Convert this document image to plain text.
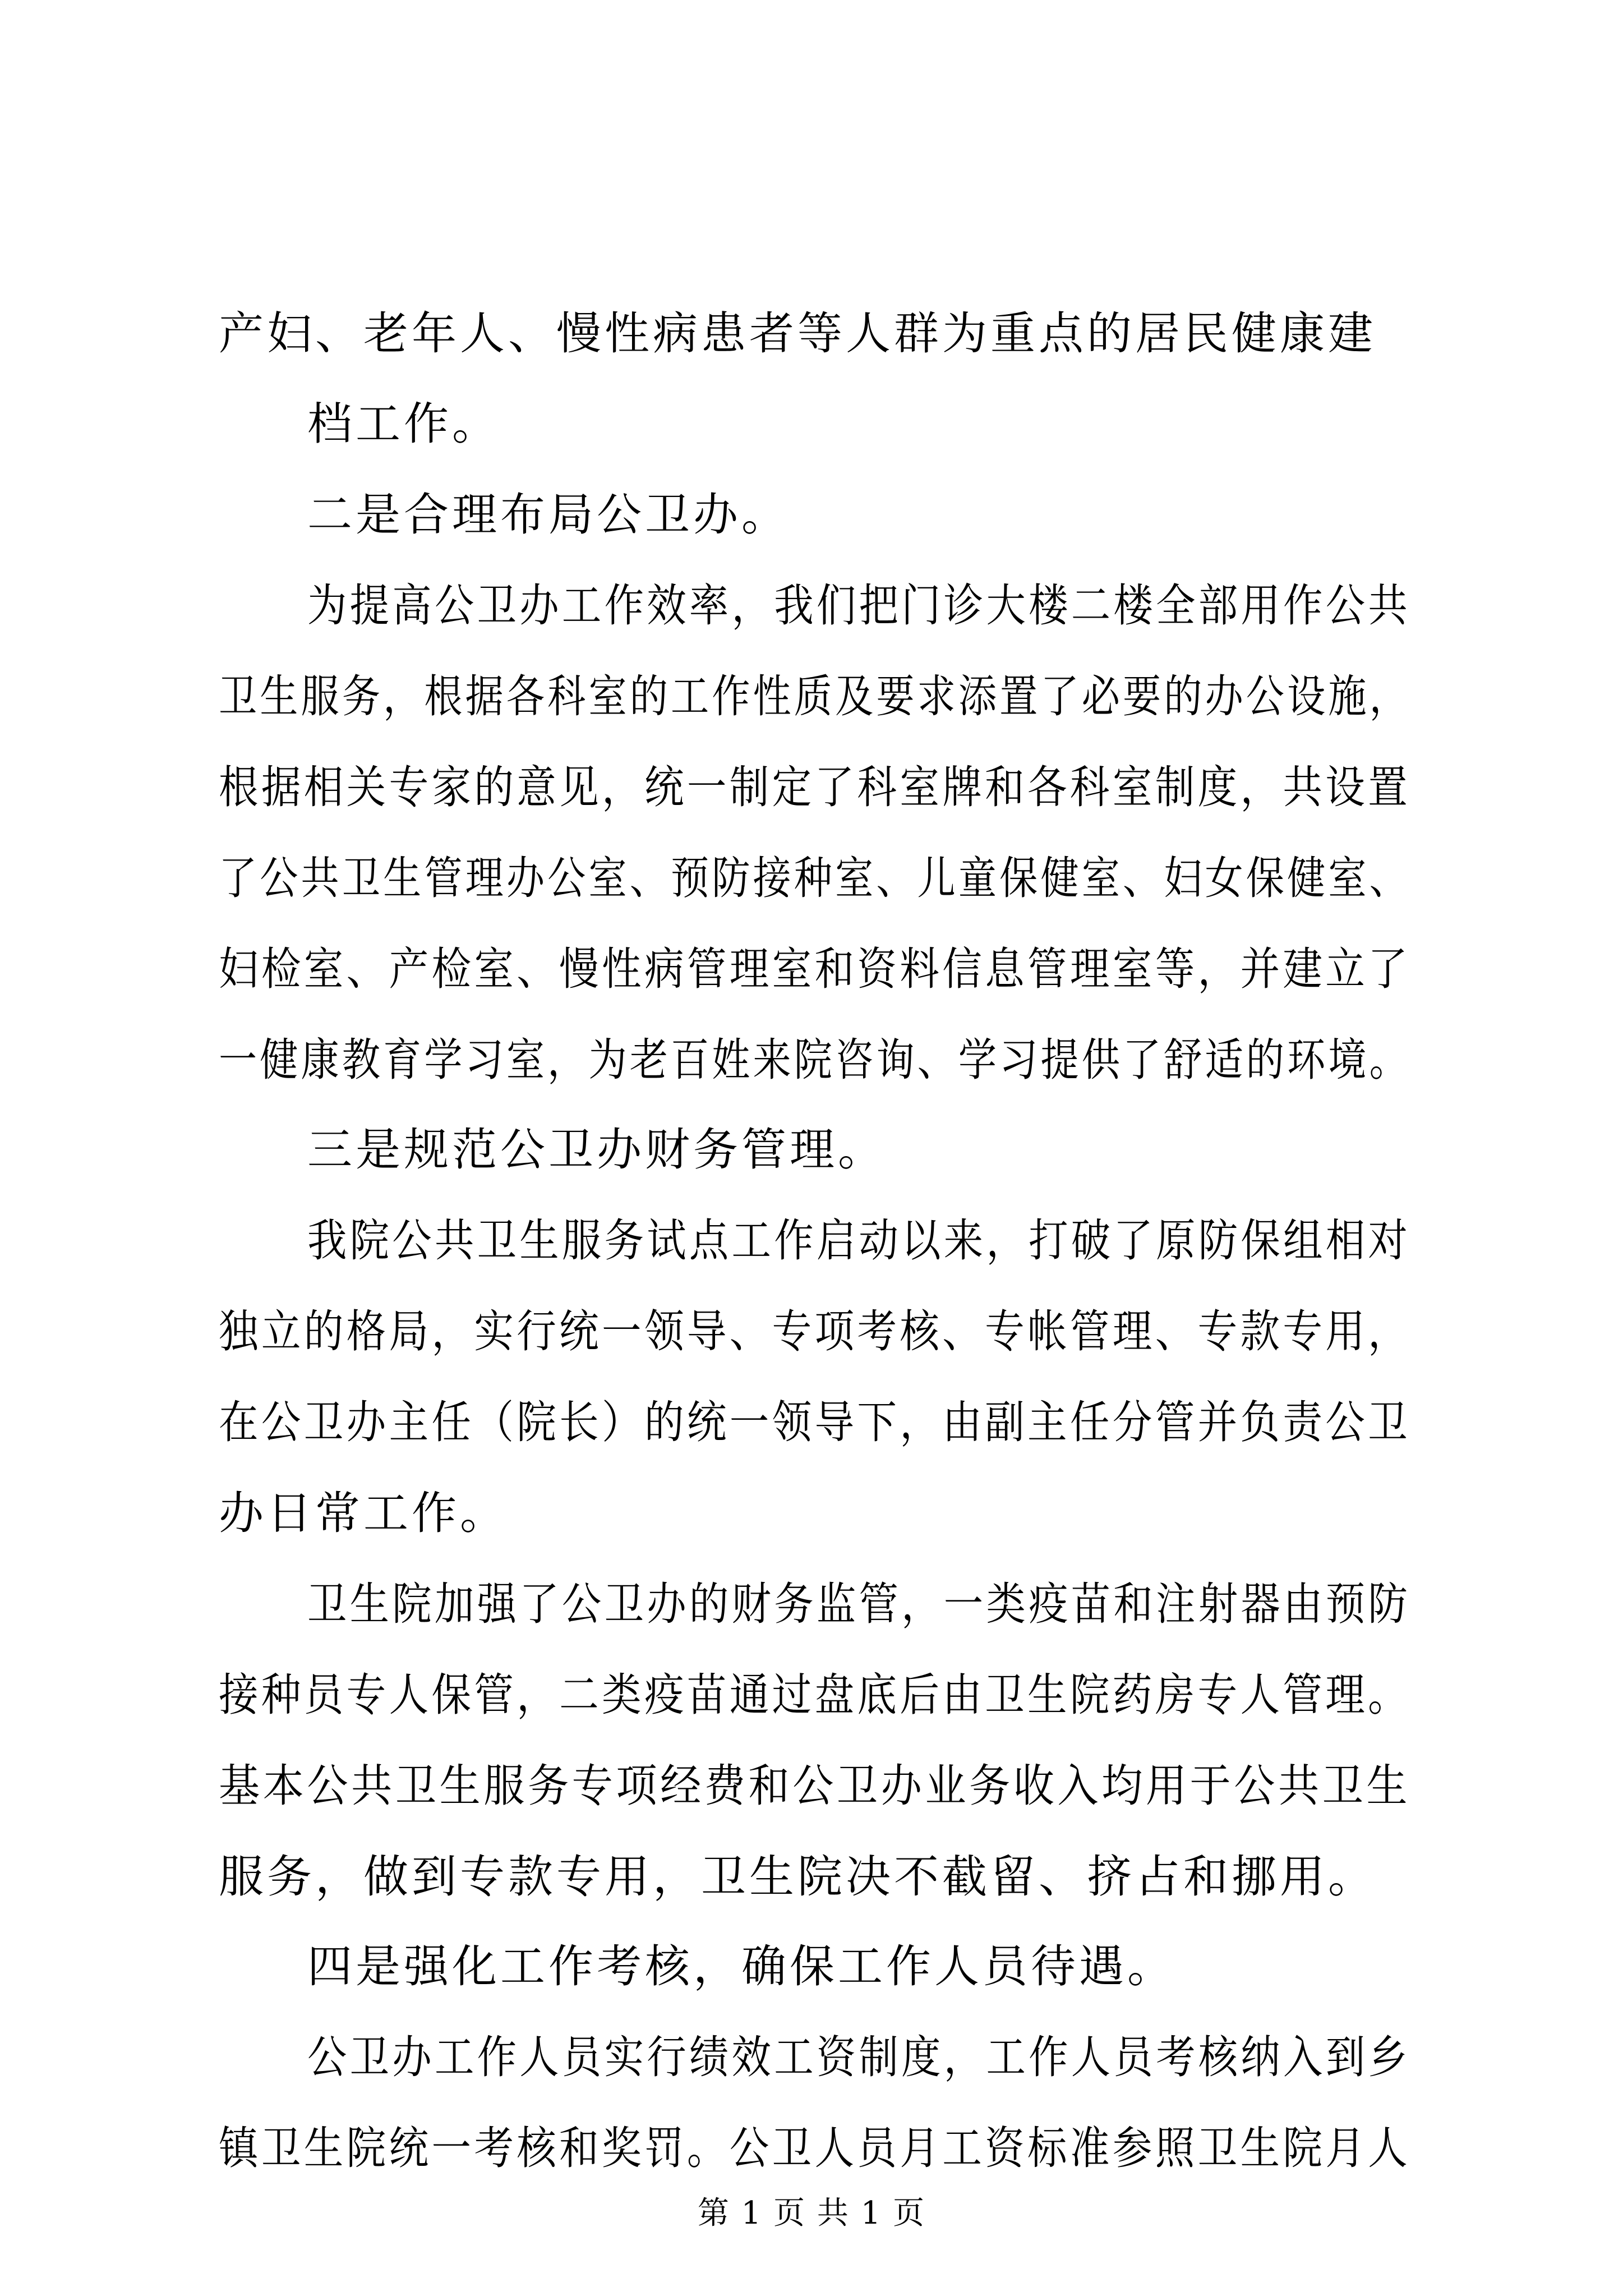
产妇、老年人、慢性病患者等人群为重点的居民健康建

档工作。

二是合理布局公卫办。

为提高公卫办工作效率，我们把门诊大楼二楼全部用作公共

卫生服务，根据各科室的工作性质及要求添置了必要的办公设施，

根据相关专家的意见，统一制定了科室牌和各科室制度，共设置

了公共卫生管理办公室、预防接种室、儿童保健室、妇女保健室、

妇检室、产检室、慢性病管理室和资料信息管理室等，并建立了

一健康教育学习室，为老百姓来院咨询、学习提供了舒适的环境。

三是规范公卫办财务管理。

我院公共卫生服务试点工作启动以来，打破了原防保组相对

独立的格局，实行统一领导、专项考核、专帐管理、专款专用，

在公卫办主任（院长）的统一领导下，由副主任分管并负责公卫

办日常工作。

卫生院加强了公卫办的财务监管，一类疫苗和注射器由预防

接种员专人保管，二类疫苗通过盘底后由卫生院药房专人管理。

基本公共卫生服务专项经费和公卫办业务收入均用于公共卫生

服务，做到专款专用，卫生院决不截留、挤占和挪用。

四是强化工作考核，确保工作人员待遇。

公卫办工作人员实行绩效工资制度，工作人员考核纳入到乡

镇卫生院统一考核和奖罚。公卫人员月工资标准参照卫生院月人

第 1 页 共 1 页
